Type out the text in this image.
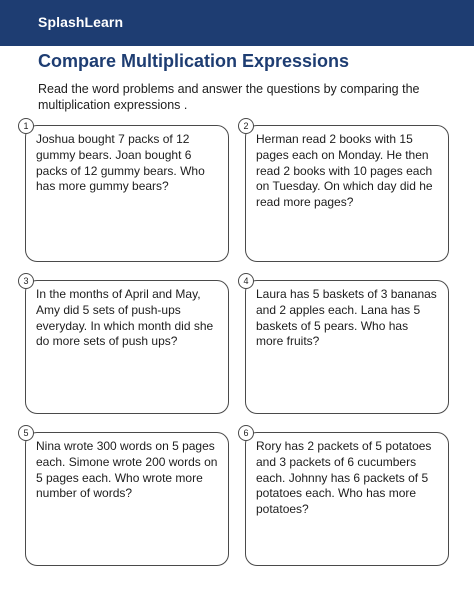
SplashLearn
Compare Multiplication Expressions

Read the word problems and answer the questions by comparing the multiplication expressions .

1

Joshua bought 7 packs of 12 gummy bears. Joan bought 6 packs of 12 gummy bears. Who has more gummy bears?

2

Herman read 2 books with 15 pages each on Monday. He then read 2 books with 10 pages each on Tuesday. On which day did he read more pages?

3

In the months of April and May, Amy did 5 sets of push-ups everyday. In which month did she do more sets of push ups?

4

Laura has 5 baskets of 3 bananas and 2 apples each. Lana has 5 baskets of 5 pears. Who has more fruits?

5

Nina wrote 300 words on 5 pages each. Simone wrote 200 words on 5 pages each. Who wrote more number of words?

6

Rory has 2 packets of 5 potatoes and 3 packets of 6 cucumbers each. Johnny has 6 packets of 5 potatoes each. Who has more potatoes?
